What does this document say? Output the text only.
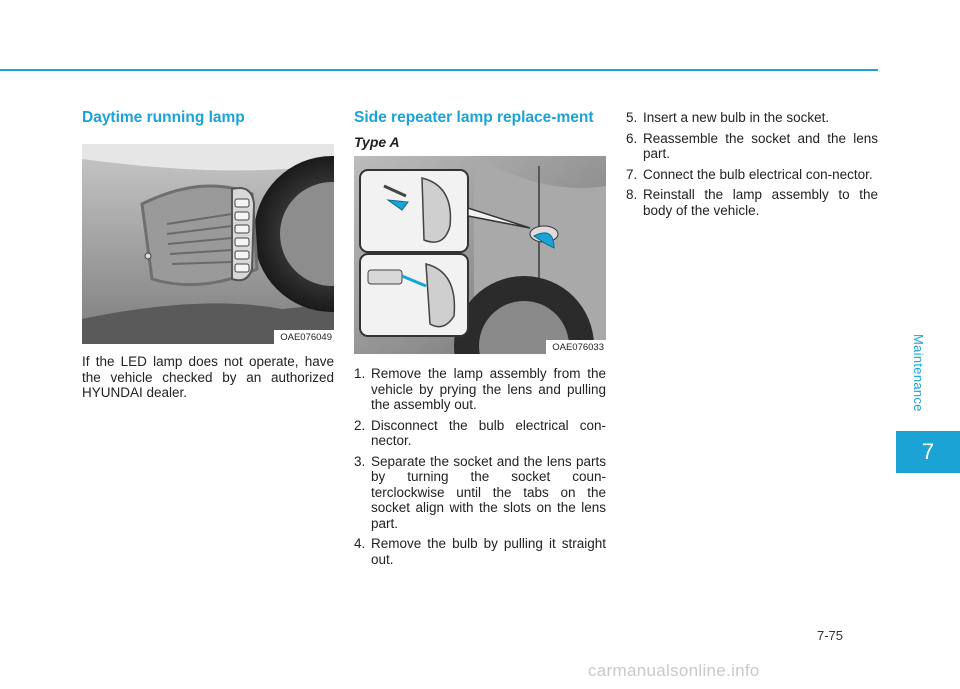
Maintenance
7
Daytime running lamp
OAE076049

If the LED lamp does not operate, have the vehicle checked by an authorized HYUNDAI dealer.

Side repeater lamp replace-ment
Type A
OAE076033
1. Remove the lamp assembly from the vehicle by prying the lens and pulling the assembly out.
2. Disconnect the bulb electrical con-nector.
3. Separate the socket and the lens parts by turning the socket coun-terclockwise until the tabs on the socket align with the slots on the lens part.
4. Remove the bulb by pulling it straight out.
5. Insert a new bulb in the socket.
6. Reassemble the socket and the lens part.
7. Connect the bulb electrical con-nector.
8. Reinstall the lamp assembly to the body of the vehicle.
7-75
carmanualsonline.info
